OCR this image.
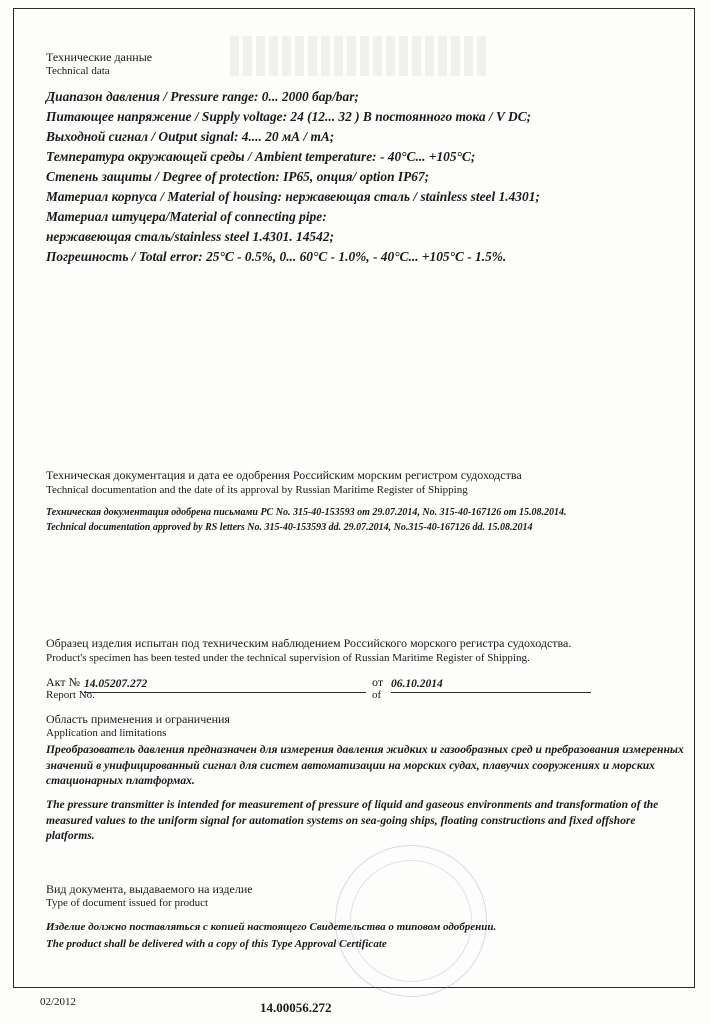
Технические данные
Technical data
Диапазон давления / Pressure range: 0... 2000 бар/bar;
Питающее напряжение / Supply voltage: 24 (12... 32 ) В постоянного тока / V DC;
Выходной сигнал / Output signal: 4.... 20 мА / mA;
Температура окружающей среды / Ambient temperature: - 40°C... +105°C;
Степень защиты / Degree of protection: IP65, опция/ option IP67;
Материал корпуса / Material of housing: нержавеющая сталь / stainless steel 1.4301;
Материал штуцера/Material of connecting pipe:
нержавеющая сталь/stainless steel 1.4301. 14542;
Погрешность / Total error: 25°C - 0.5%, 0... 60°C - 1.0%, - 40°C... +105°C - 1.5%.
Техническая документация и дата ее одобрения Российским морским регистром судоходства
Technical documentation and the date of its approval by Russian Maritime Register of Shipping
Техническая документация одобрена письмами РС No. 315-40-153593 от 29.07.2014, No. 315-40-167126 от 15.08.2014.
Technical documentation approved by RS letters No. 315-40-153593 dd. 29.07.2014, No.315-40-167126 dd. 15.08.2014
Образец изделия испытан под техническим наблюдением Российского морского регистра судоходства.
Product's specimen has been tested under the technical supervision of Russian Maritime Register of Shipping.
Акт №
Report No.
14.05207.272	от
of
06.10.2014
Область применения и ограничения
Application and limitations
Преобразователь давления предназначен для измерения давления жидких и газообразных сред и пребразования измеренных значений в унифицированный сигнал для систем автоматизации на морских судах, плавучих сооружениях и морских стационарных платформах.
The pressure transmitter is intended for measurement of pressure of liquid and gaseous environments and transformation of the measured values to the uniform signal for automation systems on sea-going ships, floating constructions and fixed offshore platforms.
Вид документа, выдаваемого на изделие
Type of document issued for product
Изделие должно поставляться с копией настоящего Свидетельства о типовом одобрении.
The product shall be delivered with a copy of this Type Approval Certificate
02/2012	14.00056.272
